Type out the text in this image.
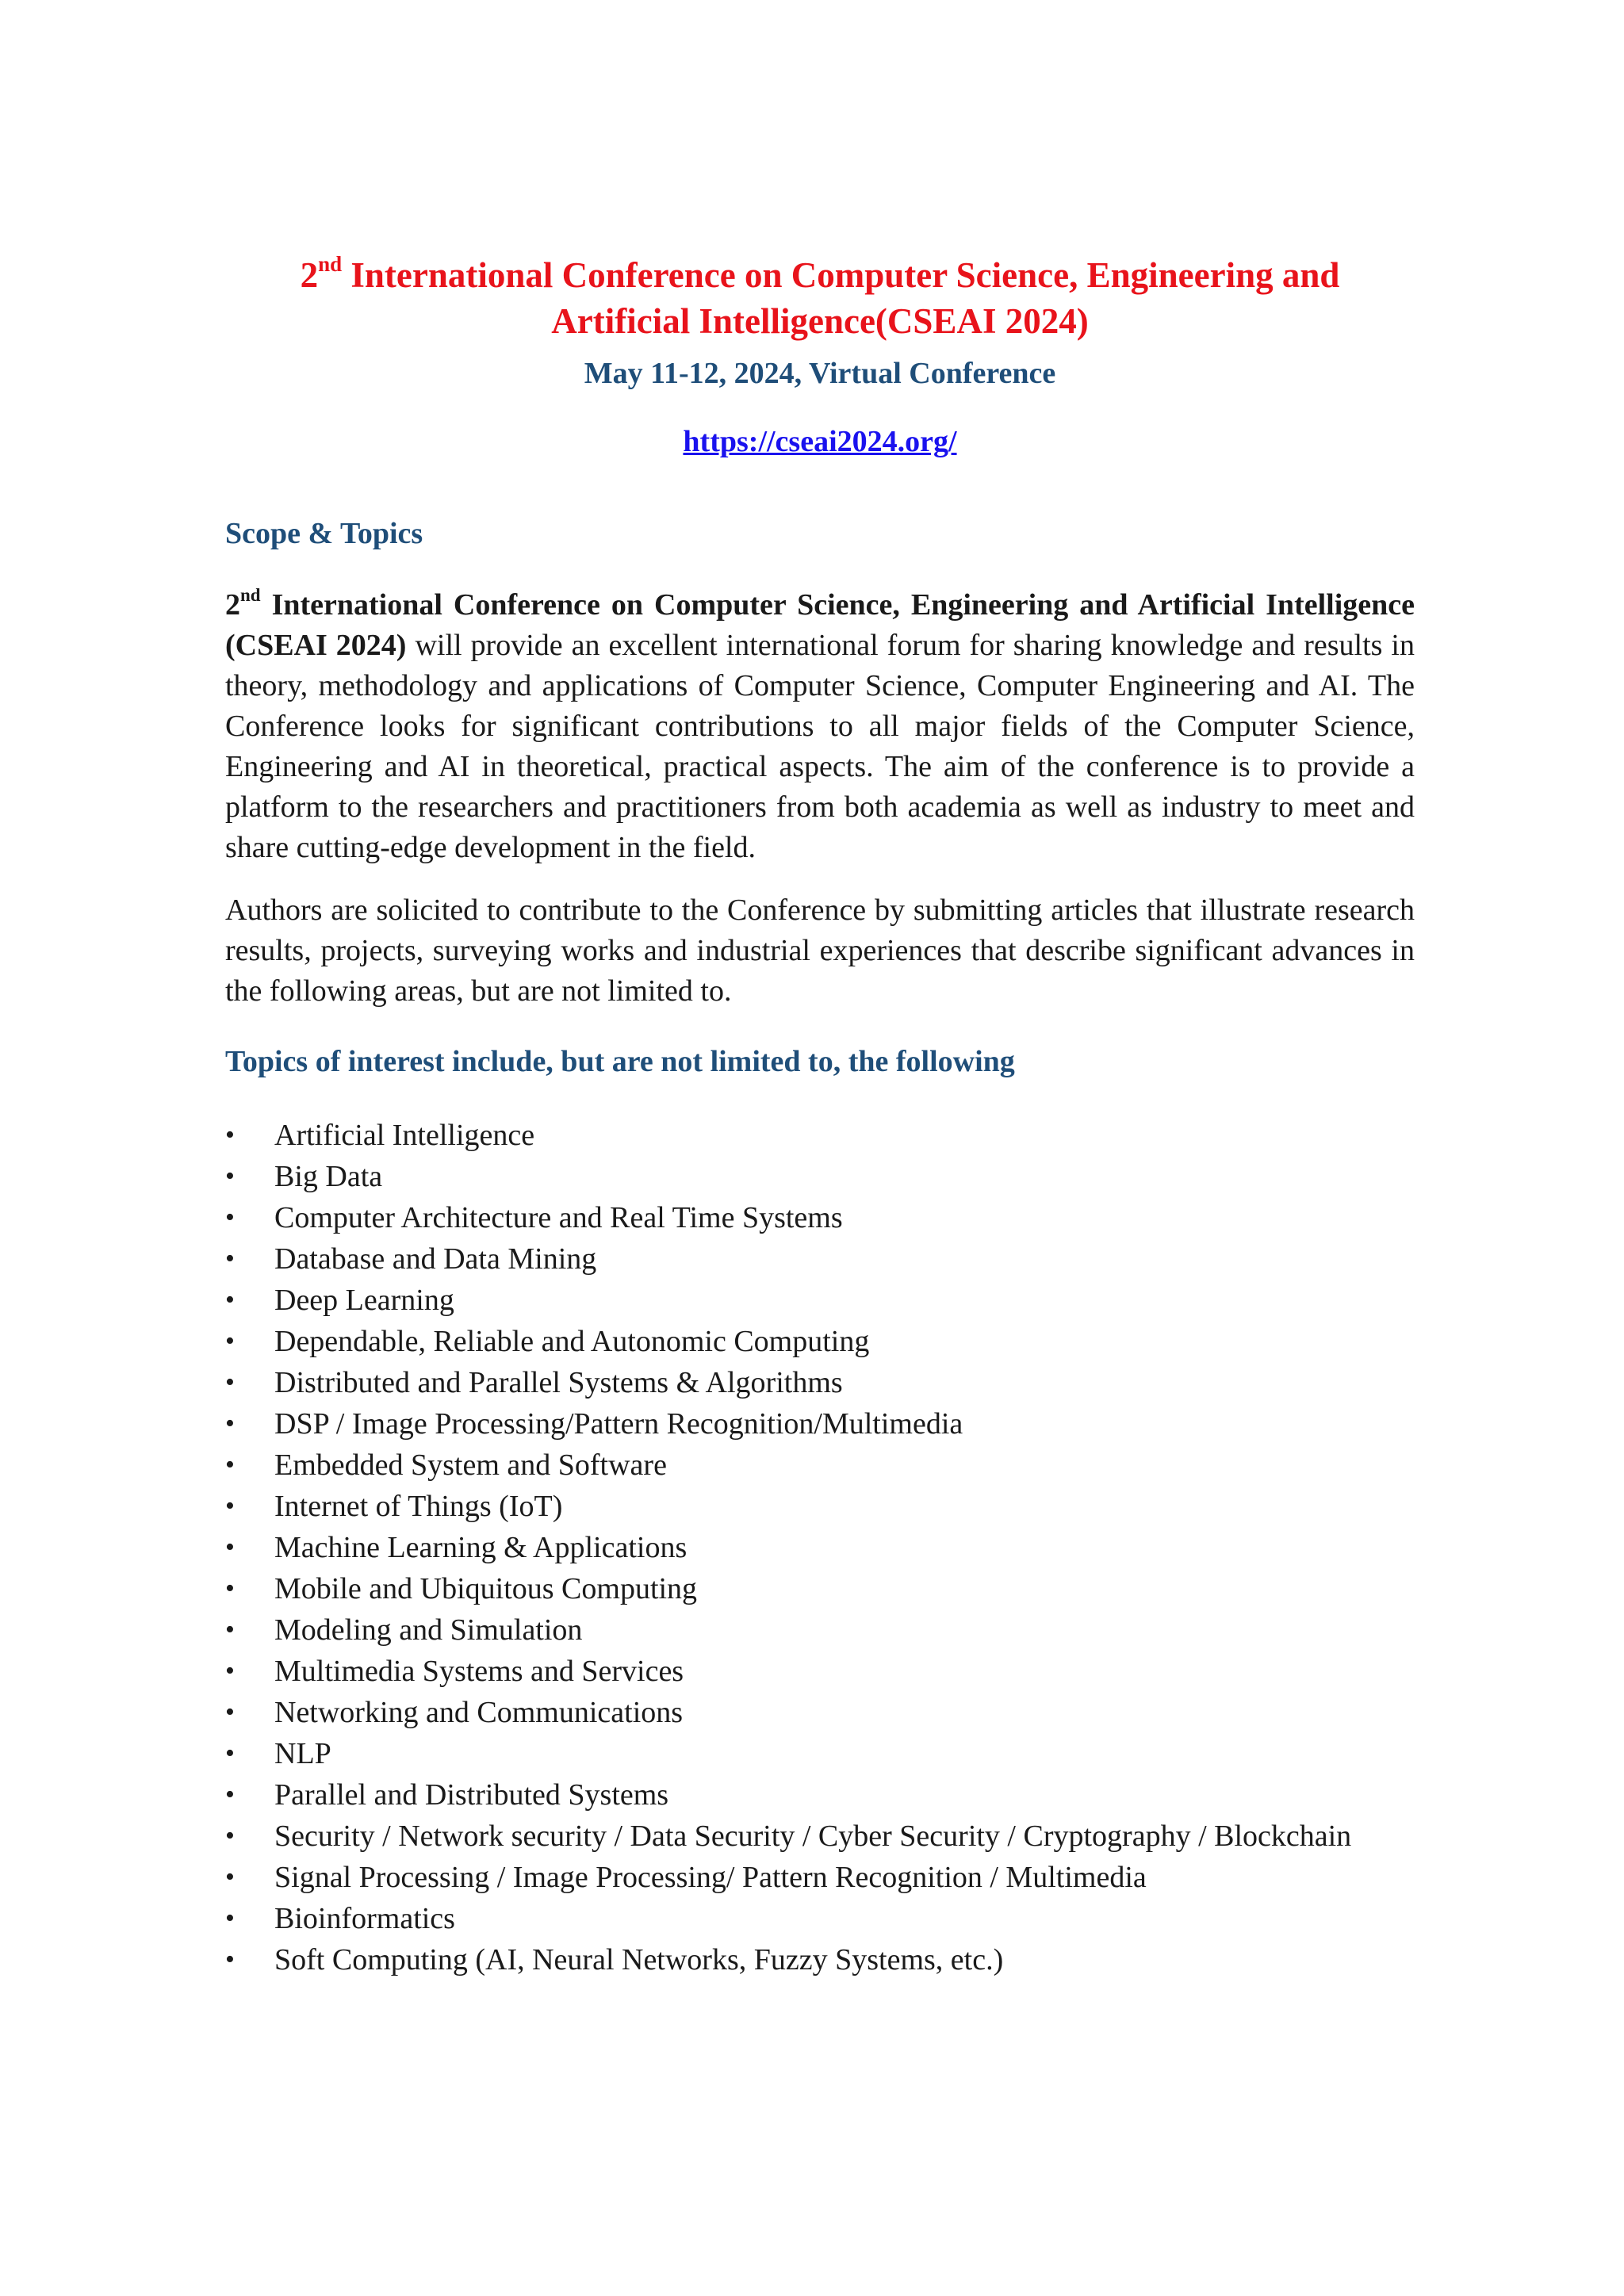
2nd International Conference on Computer Science, Engineering and
Artificial Intelligence(CSEAI 2024)
May 11-12, 2024, Virtual Conference
https://cseai2024.org/
Scope & Topics

2nd International Conference on Computer Science, Engineering and Artificial Intelligence (CSEAI 2024) will provide an excellent international forum for sharing knowledge and results in theory, methodology and applications of Computer Science, Computer Engineering and AI. The Conference looks for significant contributions to all major fields of the Computer Science, Engineering and AI in theoretical, practical aspects. The aim of the conference is to provide a platform to the researchers and practitioners from both academia as well as industry to meet and share cutting-edge development in the field.

Authors are solicited to contribute to the Conference by submitting articles that illustrate research results, projects, surveying works and industrial experiences that describe significant advances in the following areas, but are not limited to.

Topics of interest include, but are not limited to, the following
•	Artificial Intelligence
•	Big Data
•	Computer Architecture and Real Time Systems
•	Database and Data Mining
•	Deep Learning
•	Dependable, Reliable and Autonomic Computing
•	Distributed and Parallel Systems & Algorithms
•	DSP / Image Processing/Pattern Recognition/Multimedia
•	Embedded System and Software
•	Internet of Things (IoT)
•	Machine Learning & Applications
•	Mobile and Ubiquitous Computing
•	Modeling and Simulation
•	Multimedia Systems and Services
•	Networking and Communications
•	NLP
•	Parallel and Distributed Systems
•	Security / Network security / Data Security / Cyber Security / Cryptography / Blockchain
•	Signal Processing / Image Processing/ Pattern Recognition / Multimedia
•	Bioinformatics
•	Soft Computing (AI, Neural Networks, Fuzzy Systems, etc.)
